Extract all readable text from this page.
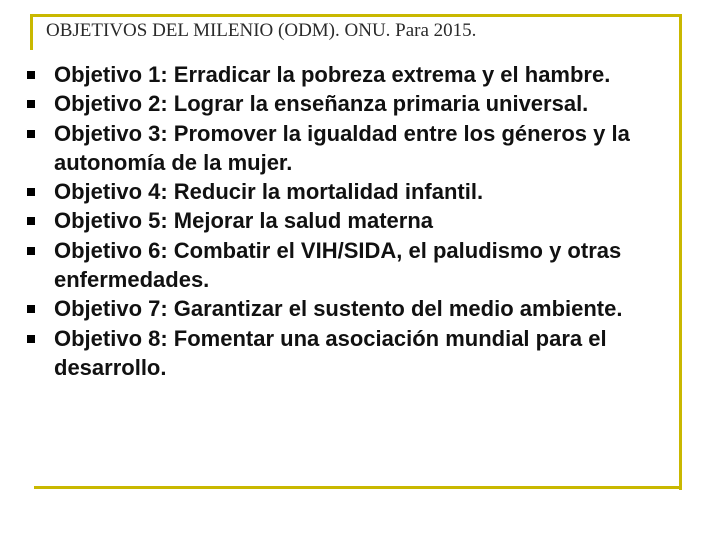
OBJETIVOS DEL MILENIO (ODM). ONU. Para 2015.
Objetivo 1: Erradicar la pobreza extrema y el hambre.
Objetivo 2: Lograr la enseñanza primaria universal.
Objetivo 3: Promover la igualdad entre los géneros y la autonomía de la mujer.
Objetivo 4: Reducir la mortalidad infantil.
Objetivo 5: Mejorar la salud materna
Objetivo 6: Combatir el VIH/SIDA, el paludismo y otras enfermedades.
Objetivo 7: Garantizar el sustento del medio ambiente.
Objetivo 8: Fomentar una asociación mundial para el desarrollo.
